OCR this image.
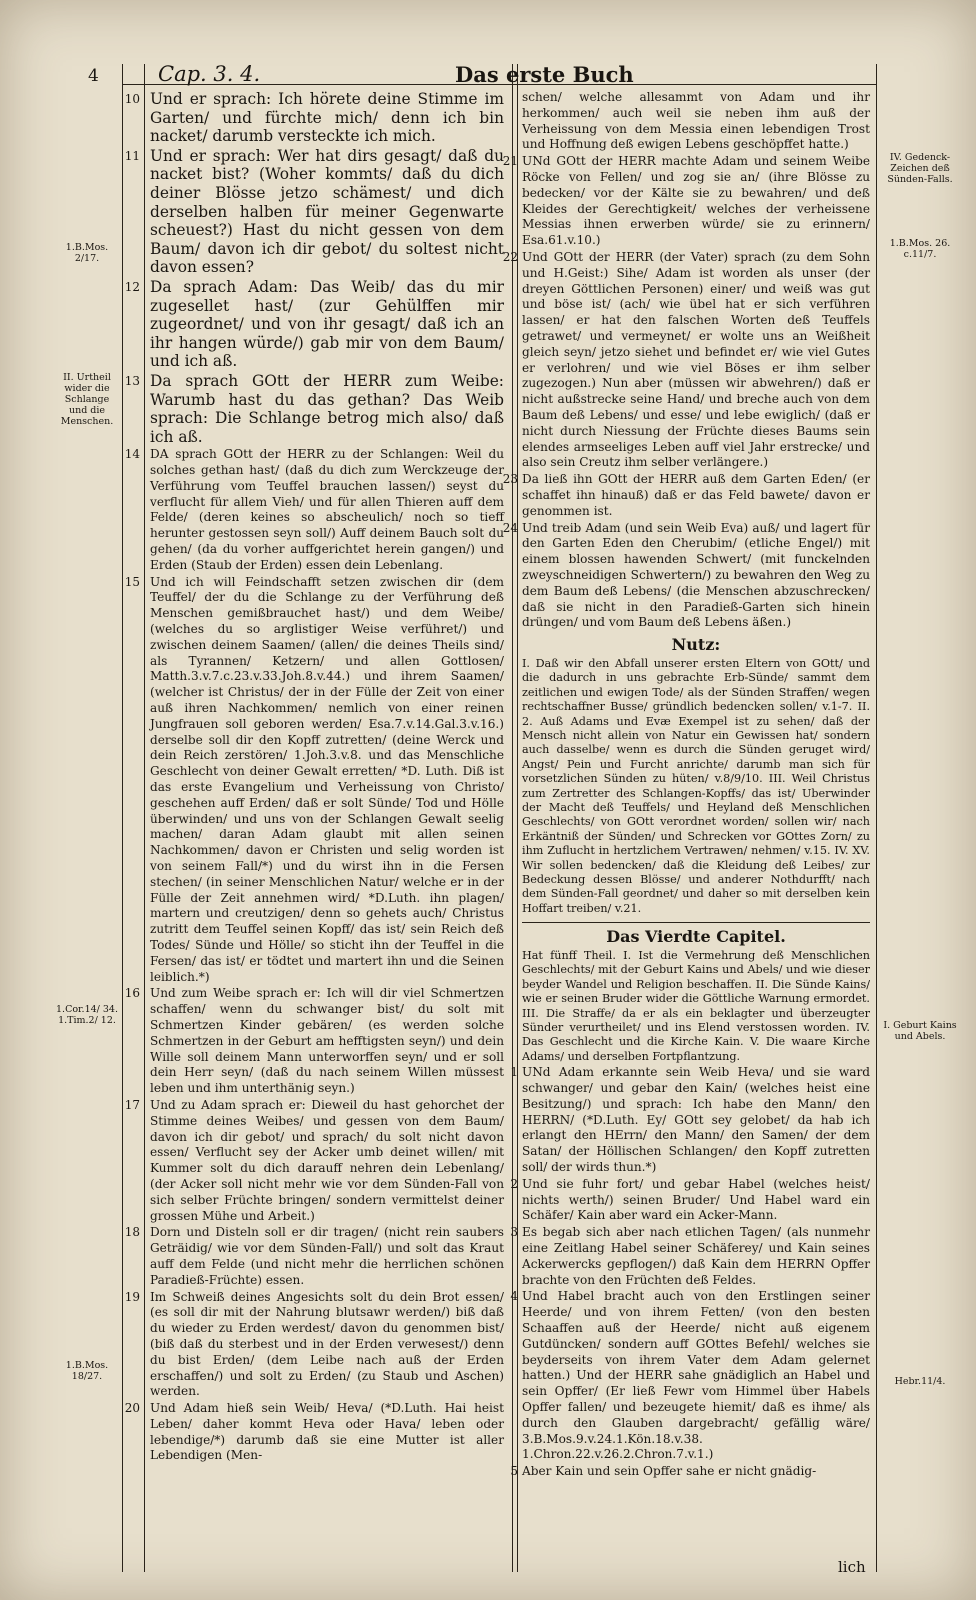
4	Cap. 3. 4.	Das erste Buch
1.B.Mos. 2/17.
II. Urtheil wider die Schlange und die Menschen.
1.Cor.14/ 34. 1.Tim.2/ 12.
1.B.Mos. 18/27.
IV. Gedenck-Zeichen deß Sünden-Falls.
1.B.Mos. 26. c.11/7.
I. Geburt Kains und Abels.
Hebr.11/4.

10 Und er sprach: Ich hörete deine Stimme im Garten/ und fürchte mich/ denn ich bin nacket/ darumb versteckte ich mich.

11 Und er sprach: Wer hat dirs gesagt/ daß du nacket bist? (Woher kommts/ daß du dich deiner Blösse jetzo schämest/ und dich derselben halben für meiner Gegenwarte scheuest?) Hast du nicht gessen von dem Baum/ davon ich dir gebot/ du soltest nicht davon essen?

12 Da sprach Adam: Das Weib/ das du mir zugesellet hast/ (zur Gehülffen mir zugeordnet/ und von ihr gesagt/ daß ich an ihr hangen würde/) gab mir von dem Baum/ und ich aß.

13 Da sprach GOtt der HERR zum Weibe: Warumb hast du das gethan? Das Weib sprach: Die Schlange betrog mich also/ daß ich aß.

14 DA sprach GOtt der HERR zu der Schlangen: Weil du solches gethan hast/ (daß du dich zum Werckzeuge der Verführung vom Teuffel brauchen lassen/) seyst du verflucht für allem Vieh/ und für allen Thieren auff dem Felde/ (deren keines so abscheulich/ noch so tieff herunter gestossen seyn soll/) Auff deinem Bauch solt du gehen/ (da du vorher auffgerichtet herein gangen/) und Erden (Staub der Erden) essen dein Lebenlang.

15 Und ich will Feindschafft setzen zwischen dir (dem Teuffel/ der du die Schlange zu der Verführung deß Menschen gemißbrauchet hast/) und dem Weibe/ (welches du so arglistiger Weise verführet/) und zwischen deinem Saamen/ (allen/ die deines Theils sind/ als Tyrannen/ Ketzern/ und allen Gottlosen/ Matth.3.v.7.c.23.v.33.Joh.8.v.44.) und ihrem Saamen/ (welcher ist Christus/ der in der Fülle der Zeit von einer auß ihren Nachkommen/ nemlich von einer reinen Jungfrauen soll geboren werden/ Esa.7.v.14.Gal.3.v.16.) derselbe soll dir den Kopff zutretten/ (deine Werck und dein Reich zerstören/ 1.Joh.3.v.8. und das Menschliche Geschlecht von deiner Gewalt erretten/ *D. Luth. Diß ist das erste Evangelium und Verheissung von Christo/ geschehen auff Erden/ daß er solt Sünde/ Tod und Hölle überwinden/ und uns von der Schlangen Gewalt seelig machen/ daran Adam glaubt mit allen seinen Nachkommen/ davon er Christen und selig worden ist von seinem Fall/*) und du wirst ihn in die Fersen stechen/ (in seiner Menschlichen Natur/ welche er in der Fülle der Zeit annehmen wird/ *D.Luth. ihn plagen/ martern und creutzigen/ denn so gehets auch/ Christus zutritt dem Teuffel seinen Kopff/ das ist/ sein Reich deß Todes/ Sünde und Hölle/ so sticht ihn der Teuffel in die Fersen/ das ist/ er tödtet und martert ihn und die Seinen leiblich.*)

16 Und zum Weibe sprach er: Ich will dir viel Schmertzen schaffen/ wenn du schwanger bist/ du solt mit Schmertzen Kinder gebären/ (es werden solche Schmertzen in der Geburt am hefftigsten seyn/) und dein Wille soll deinem Mann unterworffen seyn/ und er soll dein Herr seyn/ (daß du nach seinem Willen müssest leben und ihm unterthänig seyn.)

17 Und zu Adam sprach er: Dieweil du hast gehorchet der Stimme deines Weibes/ und gessen von dem Baum/ davon ich dir gebot/ und sprach/ du solt nicht davon essen/ Verflucht sey der Acker umb deinet willen/ mit Kummer solt du dich darauff nehren dein Lebenlang/ (der Acker soll nicht mehr wie vor dem Sünden-Fall von sich selber Früchte bringen/ sondern vermittelst deiner grossen Mühe und Arbeit.)

18 Dorn und Disteln soll er dir tragen/ (nicht rein saubers Geträidig/ wie vor dem Sünden-Fall/) und solt das Kraut auff dem Felde (und nicht mehr die herrlichen schönen Paradieß-Früchte) essen.

19 Im Schweiß deines Angesichts solt du dein Brot essen/ (es soll dir mit der Nahrung blutsawr werden/) biß daß du wieder zu Erden werdest/ davon du genommen bist/ (biß daß du sterbest und in der Erden verwesest/) denn du bist Erden/ (dem Leibe nach auß der Erden erschaffen/) und solt zu Erden/ (zu Staub und Aschen) werden.

20 Und Adam hieß sein Weib/ Heva/ (*D.Luth. Hai heist Leben/ daher kommt Heva oder Hava/ leben oder lebendige/*) darumb daß sie eine Mutter ist aller Lebendigen (Men-

schen/ welche allesammt von Adam und ihr herkommen/ auch weil sie neben ihm auß der Verheissung von dem Messia einen lebendigen Trost und Hoffnung deß ewigen Lebens geschöpffet hatte.)

21 UNd GOtt der HERR machte Adam und seinem Weibe Röcke von Fellen/ und zog sie an/ (ihre Blösse zu bedecken/ vor der Kälte sie zu bewahren/ und deß Kleides der Gerechtigkeit/ welches der verheissene Messias ihnen erwerben würde/ sie zu erinnern/ Esa.61.v.10.)

22 Und GOtt der HERR (der Vater) sprach (zu dem Sohn und H.Geist:) Sihe/ Adam ist worden als unser (der dreyen Göttlichen Personen) einer/ und weiß was gut und böse ist/ (ach/ wie übel hat er sich verführen lassen/ er hat den falschen Worten deß Teuffels getrawet/ und vermeynet/ er wolte uns an Weißheit gleich seyn/ jetzo siehet und befindet er/ wie viel Gutes er verlohren/ und wie viel Böses er ihm selber zugezogen.) Nun aber (müssen wir abwehren/) daß er nicht außstrecke seine Hand/ und breche auch von dem Baum deß Lebens/ und esse/ und lebe ewiglich/ (daß er nicht durch Niessung der Früchte dieses Baums sein elendes armseeliges Leben auff viel Jahr erstrecke/ und also sein Creutz ihm selber verlängere.)

23 Da ließ ihn GOtt der HERR auß dem Garten Eden/ (er schaffet ihn hinauß) daß er das Feld bawete/ davon er genommen ist.

24 Und treib Adam (und sein Weib Eva) auß/ und lagert für den Garten Eden den Cherubim/ (etliche Engel/) mit einem blossen hawenden Schwert/ (mit funckelnden zweyschneidigen Schwertern/) zu bewahren den Weg zu dem Baum deß Lebens/ (die Menschen abzuschrecken/ daß sie nicht in den Paradieß-Garten sich hinein drüngen/ und vom Baum deß Lebens äßen.)

Nutz:

I. Daß wir den Abfall unserer ersten Eltern von GOtt/ und die dadurch in uns gebrachte Erb-Sünde/ sammt dem zeitlichen und ewigen Tode/ als der Sünden Straffen/ wegen rechtschaffner Busse/ gründlich bedencken sollen/ v.1-7. II. 2. Auß Adams und Evæ Exempel ist zu sehen/ daß der Mensch nicht allein von Natur ein Gewissen hat/ sondern auch dasselbe/ wenn es durch die Sünden geruget wird/ Angst/ Pein und Furcht anrichte/ darumb man sich für vorsetzlichen Sünden zu hüten/ v.8/9/10. III. Weil Christus zum Zertretter des Schlangen-Kopffs/ das ist/ Uberwinder der Macht deß Teuffels/ und Heyland deß Menschlichen Geschlechts/ von GOtt verordnet worden/ sollen wir/ nach Erkäntniß der Sünden/ und Schrecken vor GOttes Zorn/ zu ihm Zuflucht in hertzlichem Vertrawen/ nehmen/ v.15. IV. XV. Wir sollen bedencken/ daß die Kleidung deß Leibes/ zur Bedeckung dessen Blösse/ und anderer Nothdurfft/ nach dem Sünden-Fall geordnet/ und daher so mit derselben kein Hoffart treiben/ v.21.

Das Vierdte Capitel.

Hat fünff Theil. I. Ist die Vermehrung deß Menschlichen Geschlechts/ mit der Geburt Kains und Abels/ und wie dieser beyder Wandel und Religion beschaffen. II. Die Sünde Kains/ wie er seinen Bruder wider die Göttliche Warnung ermordet. III. Die Straffe/ da er als ein beklagter und überzeugter Sünder verurtheilet/ und ins Elend verstossen worden. IV. Das Geschlecht und die Kirche Kain. V. Die waare Kirche Adams/ und derselben Fortpflantzung.

1 UNd Adam erkannte sein Weib Heva/ und sie ward schwanger/ und gebar den Kain/ (welches heist eine Besitzung/) und sprach: Ich habe den Mann/ den HERRN/ (*D.Luth. Ey/ GOtt sey gelobet/ da hab ich erlangt den HErrn/ den Mann/ den Samen/ der dem Satan/ der Höllischen Schlangen/ den Kopff zutretten soll/ der wirds thun.*)

2 Und sie fuhr fort/ und gebar Habel (welches heist/ nichts werth/) seinen Bruder/ Und Habel ward ein Schäfer/ Kain aber ward ein Acker-Mann.

3 Es begab sich aber nach etlichen Tagen/ (als nunmehr eine Zeitlang Habel seiner Schäferey/ und Kain seines Ackerwercks gepflogen/) daß Kain dem HERRN Opffer brachte von den Früchten deß Feldes.

4 Und Habel bracht auch von den Erstlingen seiner Heerde/ und von ihrem Fetten/ (von den besten Schaaffen auß der Heerde/ nicht auß eigenem Gutdüncken/ sondern auff GOttes Befehl/ welches sie beyderseits von ihrem Vater dem Adam gelernet hatten.) Und der HERR sahe gnädiglich an Habel und sein Opffer/ (Er ließ Fewr vom Himmel über Habels Opffer fallen/ und bezeugete hiemit/ daß es ihme/ als durch den Glauben dargebracht/ gefällig wäre/ 3.B.Mos.9.v.24.1.Kön.18.v.38. 1.Chron.22.v.26.2.Chron.7.v.1.)

5 Aber Kain und sein Opffer sahe er nicht gnädig-

lich
